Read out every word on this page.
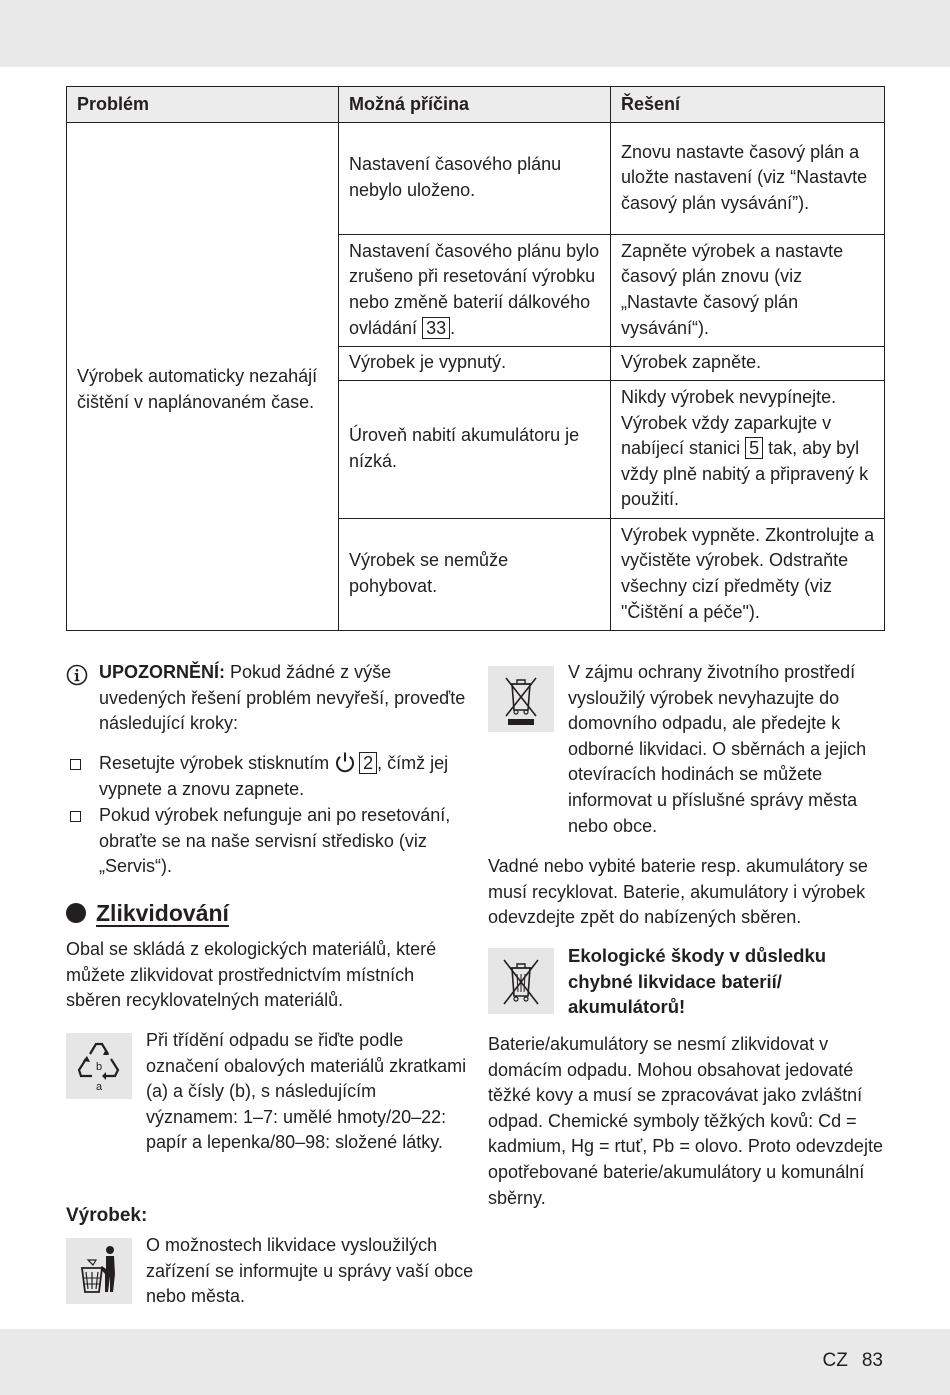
Problém	Možná příčina	Řešení
Výrobek automaticky nezahájí čištění v naplánovaném čase.	Nastavení časového plánu nebylo uloženo.	Znovu nastavte časový plán a uložte nastavení (viz “Nastavte časový plán vysávání”).
	Nastavení časového plánu bylo zrušeno při resetování výrobku nebo změně baterií dálkového ovládání 33 .	Zapněte výrobek a nastavte časový plán znovu (viz „Nastavte časový plán vysávání“).
	Výrobek je vypnutý.	Výrobek zapněte.
	Úroveň nabití akumulátoru je nízká.	Nikdy výrobek nevypínejte. Výrobek vždy zaparkujte v nabíjecí stanici 5 tak, aby byl vždy plně nabitý a připravený k použití.
	Výrobek se nemůže pohybovat.	Výrobek vypněte. Zkontrolujte a vyčistěte výrobek. Odstraňte všechny cizí předměty (viz "Čištění a péče").

UPOZORNĚNÍ: Pokud žádné z výše uvedených řešení problém nevyřeší, proveďte následující kroky:

Resetujte výrobek stisknutím 2 , čímž jej vypnete a znovu zapnete.
Pokud výrobek nefunguje ani po resetování, obraťte se na naše servisní středisko (viz „Servis“).
Zlikvidování

Obal se skládá z ekologických materiálů, které můžete zlikvidovat prostřednictvím místních sběren recyklovatelných materiálů.

b
a

Při třídění odpadu se řiďte podle označení obalových materiálů zkratkami (a) a čísly (b), s následujícím významem: 1–7: umělé hmoty/20–22: papír a lepenka/80–98: složené látky.

Výrobek:

O možnostech likvidace vysloužilých zařízení se informujte u správy vaší obce nebo města.

V zájmu ochrany životního prostředí vysloužilý výrobek nevyhazujte do domovního odpadu, ale předejte k odborné likvidaci. O sběrnách a jejich otevíracích hodinách se můžete informovat u příslušné správy města nebo obce.

Vadné nebo vybité baterie resp. akumulátory se musí recyklovat. Baterie, akumulátory i výrobek odevzdejte zpět do nabízených sběren.

Ekologické škody v důsledku chybné likvidace baterií/ akumulátorů!

Baterie/akumulátory se nesmí zlikvidovat v domácím odpadu. Mohou obsahovat jedovaté těžké kovy a musí se zpracovávat jako zvláštní odpad. Chemické symboly těžkých kovů: Cd = kadmium, Hg = rtuť, Pb = olovo. Proto odevzdejte opotřebované baterie/akumulátory u komunální sběrny.

CZ 83
